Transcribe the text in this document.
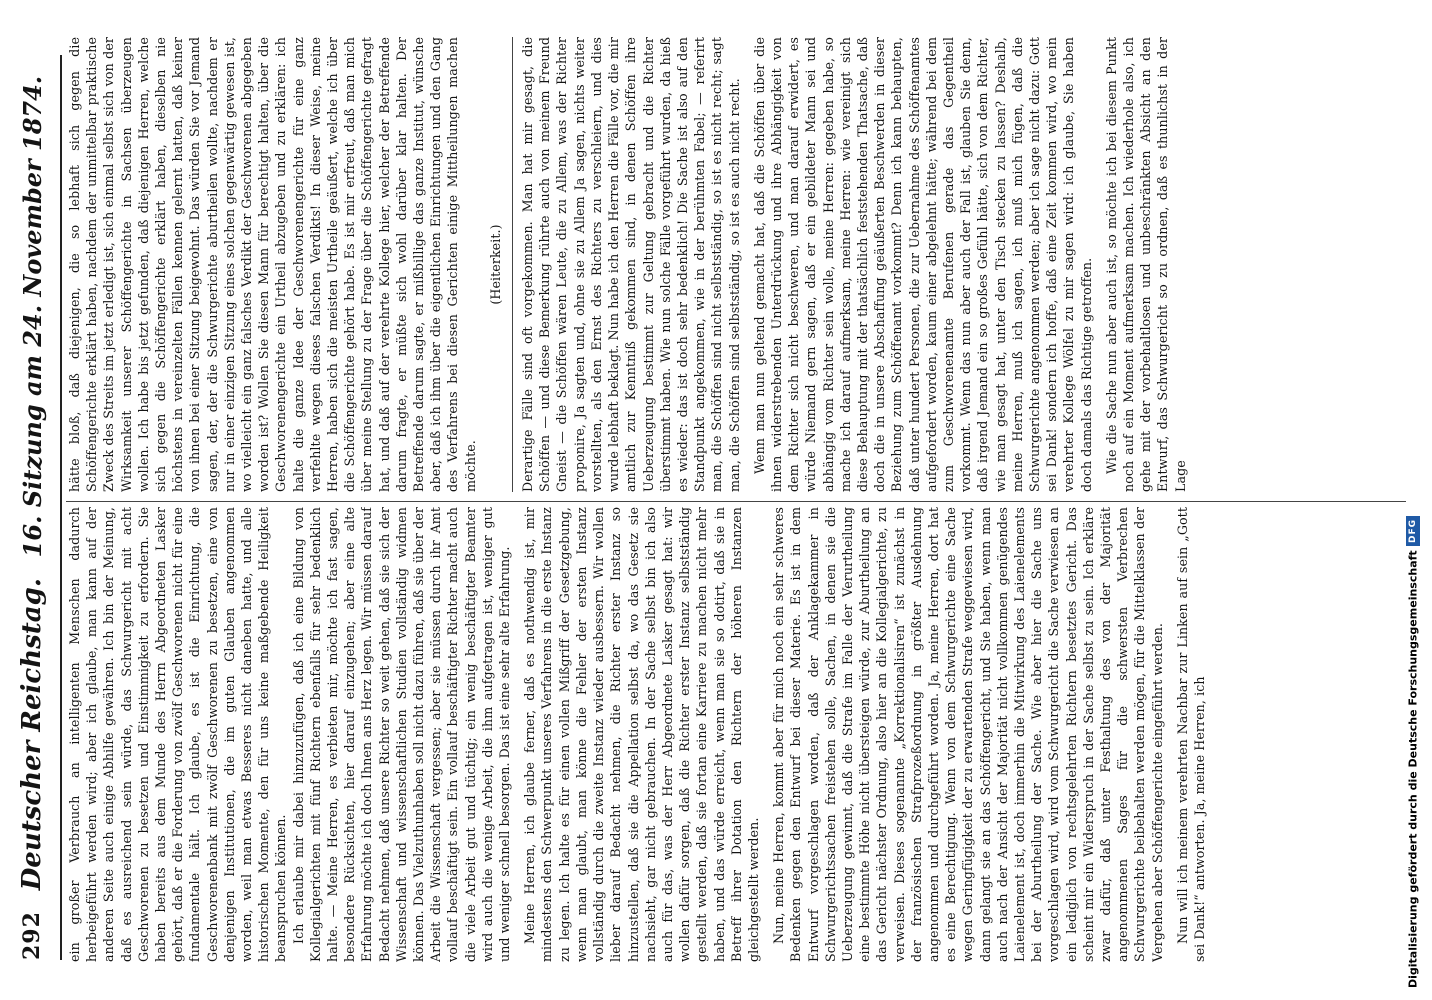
292
Deutscher Reichstag.
16. Sitzung am 24. November 1874.

ein großer Verbrauch an intelligenten Menschen dadurch herbeigeführt werden wird; aber ich glaube, man kann auf der anderen Seite auch einige Abhilfe gewähren. Ich bin der Meinung, daß es ausreichend sein würde, das Schwurgericht mit acht Geschworenen zu besetzen und Einstimmigkeit zu erfordern. Sie haben bereits aus dem Munde des Herrn Abgeordneten Lasker gehört, daß er die Forderung von zwölf Geschworenen nicht für eine fundamentale hält. Ich glaube, es ist die Einrichtung, die Geschworenenbank mit zwölf Geschworenen zu besetzen, eine von denjenigen Institutionen, die im guten Glauben angenommen worden, weil man etwas Besseres nicht daneben hatte, und alle historischen Momente, den für uns keine maßgebende Heiligkeit beanspruchen können. Ich erlaube mir dabei hinzuzufügen, daß ich eine Bildung von Kollegialgerichten mit fünf Richtern ebenfalls für sehr bedenklich halte. — Meine Herren, es verbieten mir, möchte ich fast sagen, besondere Rücksichten, hier darauf einzugehen; aber eine alte Erfahrung möchte ich doch Ihnen ans Herz legen. Wir müssen darauf Bedacht nehmen, daß unsere Richter so weit gehen, daß sie sich der Wissenschaft und wissenschaftlichen Studien vollständig widmen können. Das Vielzuthunhaben soll nicht dazu führen, daß sie über der Arbeit die Wissenschaft vergessen; aber sie müssen durch ihr Amt vollauf beschäftigt sein. Ein vollauf beschäftigter Richter macht auch die viele Arbeit gut und tüchtig; ein wenig beschäftigter Beamter wird auch die wenige Arbeit, die ihm aufgetragen ist, weniger gut und weniger schnell besorgen. Das ist eine sehr alte Erfahrung. Meine Herren, ich glaube ferner, daß es nothwendig ist, mir mindestens den Schwerpunkt unseres Verfahrens in die erste Instanz zu legen. Ich halte es für einen vollen Mißgriff der Gesetzgebung, wenn man glaubt, man könne die Fehler der ersten Instanz vollständig durch die zweite Instanz wieder ausbessern. Wir wollen lieber darauf Bedacht nehmen, die Richter erster Instanz so hinzustellen, daß sie die Appellation selbst da, wo das Gesetz sie nachsieht, gar nicht gebrauchen. In der Sache selbst bin ich also auch für das, was der Herr Abgeordnete Lasker gesagt hat: wir wollen dafür sorgen, daß die Richter erster Instanz selbstständig gestellt werden, daß sie fortan eine Karriere zu machen nicht mehr haben, und das würde erreicht, wenn man sie so dotirt, daß sie in Betreff ihrer Dotation den Richtern der höheren Instanzen gleichgestellt werden. Nun, meine Herren, kommt aber für mich noch ein sehr schweres Bedenken gegen den Entwurf bei dieser Materie. Es ist in dem Entwurf vorgeschlagen worden, daß der Anklagekammer in Schwurgerichtssachen freistehen solle, Sachen, in denen sie die Ueberzeugung gewinnt, daß die Strafe im Falle der Verurtheilung eine bestimmte Höhe nicht übersteigen würde, zur Aburtheilung an das Gericht nächster Ordnung, also hier an die Kollegialgerichte, zu verweisen. Dieses sogenannte „Korrektionalisiren“ ist zunächst in der französischen Strafprozeßordnung in größter Ausdehnung angenommen und durchgeführt worden. Ja, meine Herren, dort hat es eine Berechtigung. Wenn von dem Schwurgerichte eine Sache wegen Geringfügigkeit der zu erwartenden Strafe weggewiesen wird, dann gelangt sie an das Schöffengericht, und Sie haben, wenn man auch nach der Ansicht der Majorität nicht vollkommen genügendes Laienelement ist, doch immerhin die Mitwirkung des Laienelements bei der Aburtheilung der Sache. Wie aber hier die Sache uns vorgeschlagen wird, wird vom Schwurgericht die Sache verwiesen an ein lediglich von rechtsgelehrten Richtern besetztes Gericht. Das scheint mir ein Widerspruch in der Sache selbst zu sein. Ich erkläre zwar dafür, daß unter Festhaltung des von der Majorität angenommenen Sages für die schwersten Verbrechen Schwurgerichte beibehalten werden mögen, für die Mittelklassen der Vergehen aber Schöffengerichte eingeführt werden. Nun will ich meinem verehrten Nachbar zur Linken auf sein „Gott sei Dank!“ antworten. Ja, meine Herren, ich

hätte bloß, daß diejenigen, die so lebhaft sich gegen die Schöffengerichte erklärt haben, nachdem der unmittelbar praktische Zweck des Streits im jetzt erledigt ist, sich einmal selbst sich von der Wirksamkeit unserer Schöffengerichte in Sachsen überzeugen wollen. Ich habe bis jetzt gefunden, daß diejenigen Herren, welche sich gegen die Schöffengerichte erklärt haben, dieselben nie höchstens in vereinzelten Fällen kennen gelernt hatten, daß keiner von ihnen bei einer Sitzung beigewohnt. Das würden Sie vor Jemand sagen, der, der die Schwurgerichte aburtheilen wollte, nachdem er nur in einer einzigen Sitzung eines solchen gegenwärtig gewesen ist, wo vielleicht ein ganz falsches Verdikt der Geschworenen abgegeben worden ist? Wollen Sie diesen Mann für berechtigt halten, über die Geschworenengerichte ein Urtheil abzugeben und zu erklären: ich halte die ganze Idee der Geschworenengerichte für eine ganz verfehlte wegen dieses falschen Verdikts! In dieser Weise, meine Herren, haben sich die meisten Urtheile geäußert, welche ich über die Schöffengerichte gehört habe. Es ist mir erfreut, daß man mich über meine Stellung zu der Frage über die Schöffengerichte gefragt hat, und daß auf der verehrte Kollege hier, welcher der Betreffende darum fragte, er müßte sich wohl darüber klar halten. Der Betreffende darum sagte, er mißbillige das ganze Institut, wünsche aber, daß ich ihm über die eigentlichen Einrichtungen und den Gang des Verfahrens bei diesen Gerichten einige Mittheilungen machen möchte.

(Heiterkeit.) Derartige Fälle sind oft vorgekommen. Man hat mir gesagt, die Schöffen — und diese Bemerkung rührte auch von meinem Freund Gneist — die Schöffen wären Leute, die zu Allem, was der Richter proponire, Ja sagten und, ohne sie zu Allem Ja sagen, nichts weiter vorstellten, als den Ernst des Richters zu verschleiern, und dies wurde lebhaft beklagt. Nun habe ich den Herren die Fälle vor, die mir amtlich zur Kenntniß gekommen sind, in denen Schöffen ihre Ueberzeugung bestimmt zur Geltung gebracht und die Richter überstimmt haben. Wie nun solche Fälle vorgeführt wurden, da hieß es wieder: das ist doch sehr bedenklich! Die Sache ist also auf den Standpunkt angekommen, wie in der berühmten Fabel; — referirt man, die Schöffen sind nicht selbstständig, so ist es nicht recht; sagt man, die Schöffen sind selbstständig, so ist es auch nicht recht. Wenn man nun geltend gemacht hat, daß die Schöffen über die ihnen widerstrebenden Unterdrückung und ihre Abhängigkeit von dem Richter sich nicht beschweren, und man darauf erwidert, es würde Niemand gern sagen, daß er ein gebildeter Mann sei und abhängig vom Richter sein wolle, meine Herren: gegeben habe, so mache ich darauf aufmerksam, meine Herren: wie vereinigt sich diese Behauptung mit der thatsächlich feststehenden Thatsache, daß doch die in unsere Abschaffung geäußerten Beschwerden in dieser Beziehung zum Schöffenamt vorkommt? Denn ich kann behaupten, daß unter hundert Personen, die zur Uebernahme des Schöffenamtes aufgefordert worden, kaum einer abgelehnt hätte; während bei dem zum Geschworenenamte Berufenen gerade das Gegentheil vorkommt. Wenn das nun aber auch der Fall ist, glauben Sie denn, daß irgend Jemand ein so großes Gefühl hätte, sich von dem Richter, wie man gesagt hat, unter den Tisch stecken zu lassen? Deshalb, meine Herren, muß ich sagen, ich muß mich fügen, daß die Schwurgerichte angenommen werden; aber ich sage nicht dazu: Gott sei Dank! sondern ich hoffe, daß eine Zeit kommen wird, wo mein verehrter Kollege Wölfel zu mir sagen wird: ich glaube, Sie haben doch damals das Richtige getroffen. Wie die Sache nun aber auch ist, so möchte ich bei diesem Punkt noch auf ein Moment aufmerksam machen. Ich wiederhole also, ich gehe mit der vorbehaltlosen und unbeschränkten Absicht an den Entwurf, das Schwurgericht so zu ordnen, daß es thunlichst in der Lage

Digitalisierung gefördert durch die Deutsche Forschungsgemeinschaft
DFG
